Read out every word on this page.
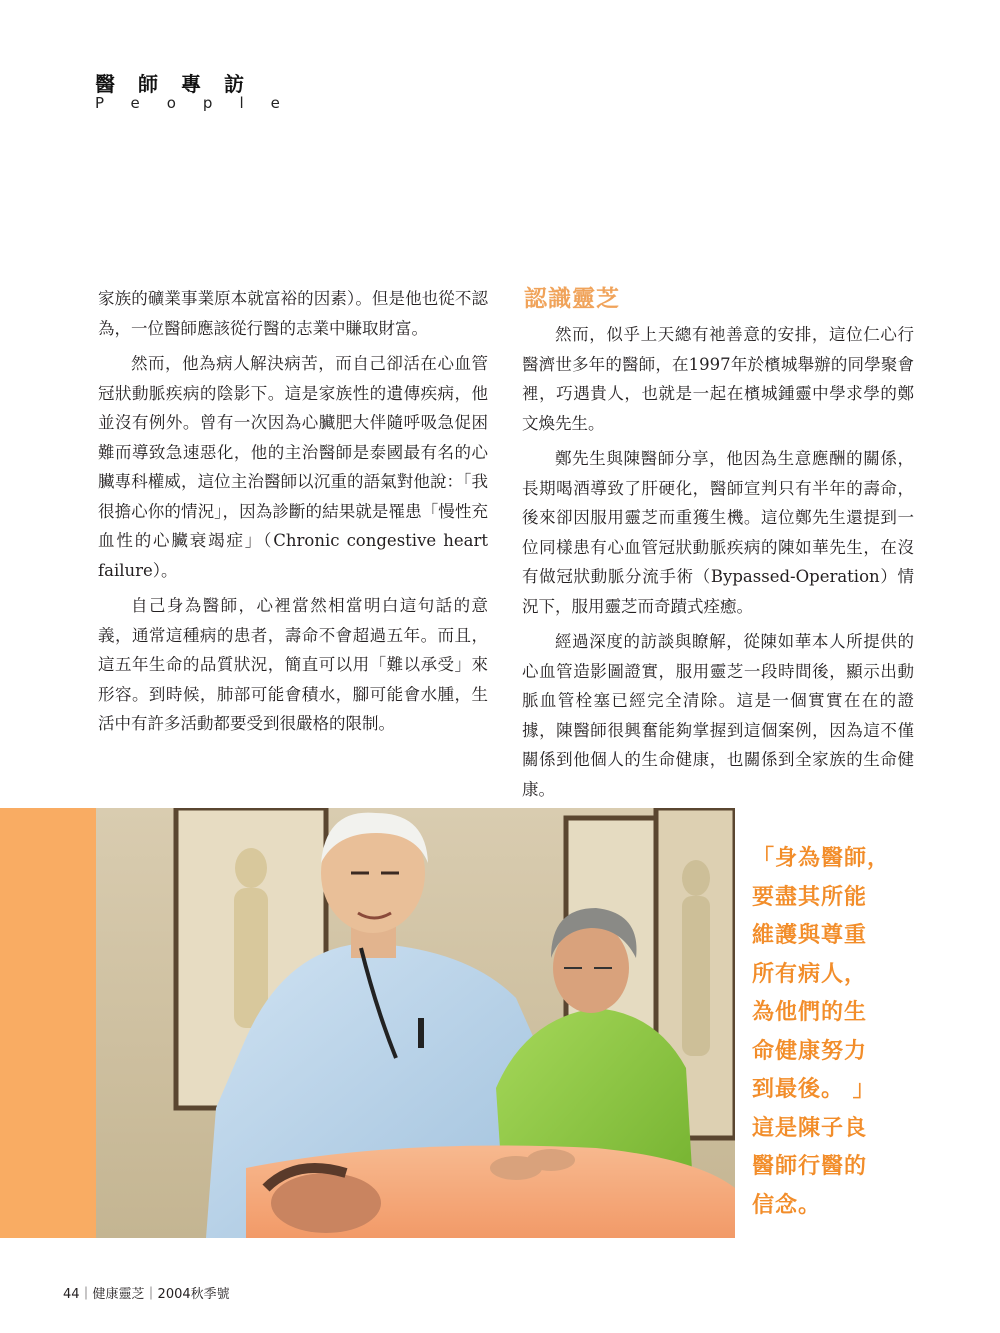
醫師專訪
People

家族的礦業事業原本就富裕的因素）。但是他也從不認為，一位醫師應該從行醫的志業中賺取財富。

然而，他為病人解決病苦，而自己卻活在心血管冠狀動脈疾病的陰影下。這是家族性的遺傳疾病，他並沒有例外。曾有一次因為心臟肥大伴隨呼吸急促困難而導致急速惡化，他的主治醫師是泰國最有名的心臟專科權威，這位主治醫師以沉重的語氣對他說：「我很擔心你的情況」，因為診斷的結果就是罹患「慢性充血性的心臟衰竭症」（Chronic congestive heart failure）。

自己身為醫師，心裡當然相當明白這句話的意義，通常這種病的患者，壽命不會超過五年。而且，這五年生命的品質狀況，簡直可以用「難以承受」來形容。到時候，肺部可能會積水，腳可能會水腫，生活中有許多活動都要受到很嚴格的限制。

認識靈芝

然而，似乎上天總有祂善意的安排，這位仁心行醫濟世多年的醫師，在1997年於檳城舉辦的同學聚會裡，巧遇貴人，也就是一起在檳城鍾靈中學求學的鄭文煥先生。

鄭先生與陳醫師分享，他因為生意應酬的關係，長期喝酒導致了肝硬化，醫師宣判只有半年的壽命，後來卻因服用靈芝而重獲生機。這位鄭先生還提到一位同樣患有心血管冠狀動脈疾病的陳如華先生，在沒有做冠狀動脈分流手術（Bypassed-Operation）情況下，服用靈芝而奇蹟式痊癒。

經過深度的訪談與瞭解，從陳如華本人所提供的心血管造影圖證實，服用靈芝一段時間後，顯示出動脈血管栓塞已經完全清除。這是一個實實在在的證據，陳醫師很興奮能夠掌握到這個案例，因為這不僅關係到他個人的生命健康，也關係到全家族的生命健康。

「身為醫師，
要盡其所能
維護與尊重
所有病人，
為他們的生
命健康努力
到最後。 」
這是陳子良
醫師行醫的
信念。
44｜健康靈芝｜2004秋季號
